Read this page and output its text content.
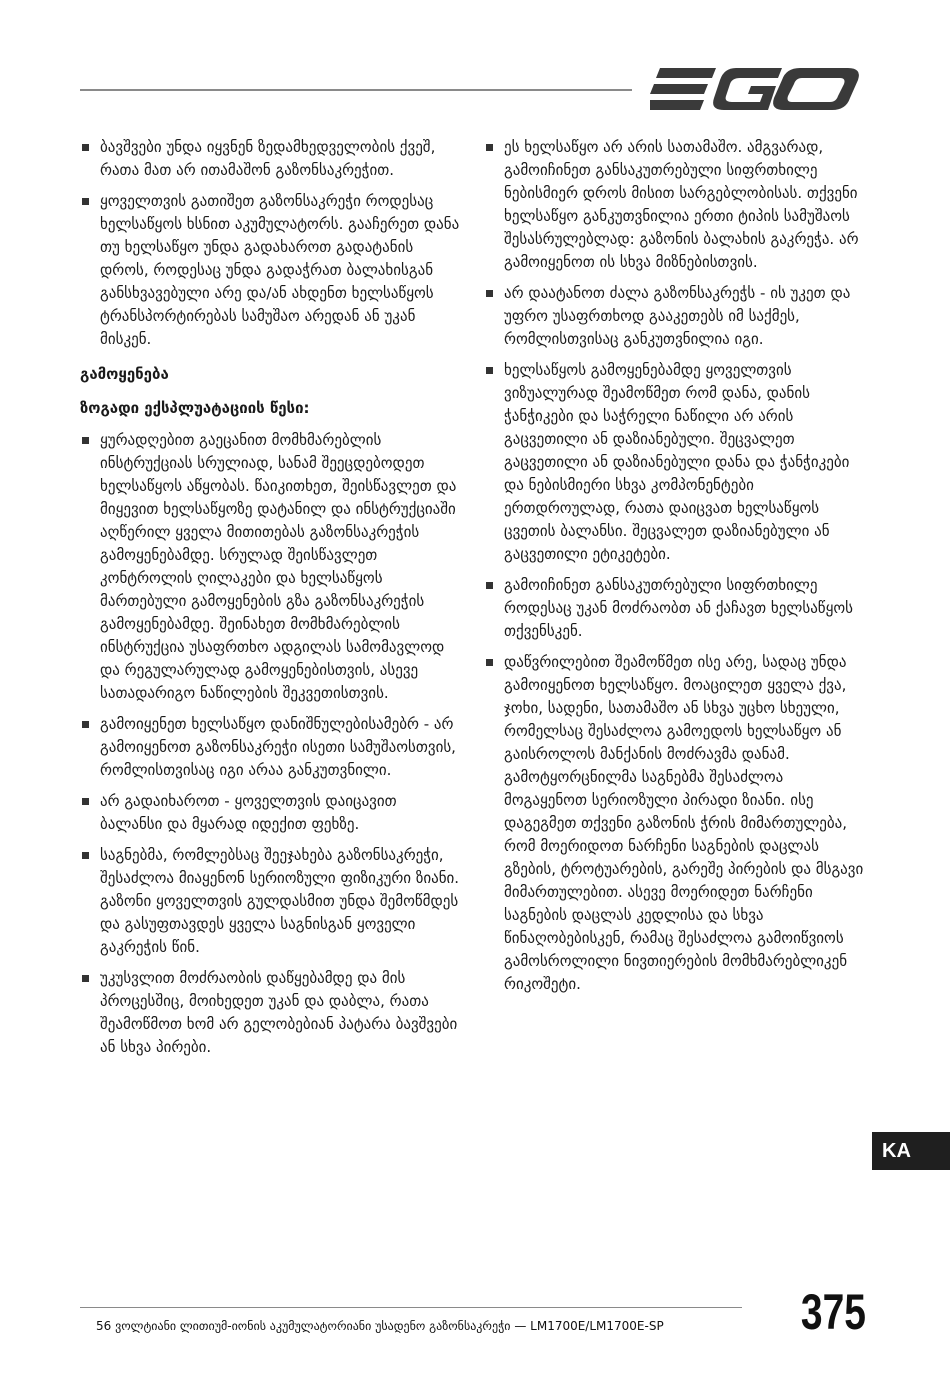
ბავშვები უნდა იყვნენ ზედამხედველობის ქვეშ, რათა მათ არ ითამაშონ გაზონსაკრეჭით.
ყოველთვის გათიშეთ გაზონსაკრეჭი როდესაც ხელსაწყოს ხსნით აკუმულატორს. გააჩერეთ დანა თუ ხელსაწყო უნდა გადახაროთ გადატანის დროს, როდესაც უნდა გადაჭრათ ბალახისგან განსხვავებული არე და/ან ახდენთ ხელსაწყოს ტრანსპორტირებას სამუშაო არედან ან უკან მისკენ.
გამოყენება
ზოგადი ექსპლუატაციის წესი:
ყურადღებით გაეცანით მომხმარებლის ინსტრუქციას სრულიად, სანამ შეეცდებოდეთ ხელსაწყოს აწყობას. წაიკითხეთ, შეისწავლეთ და მიყევით ხელსაწყოზე დატანილ და ინსტრუქციაში აღწერილ ყველა მითითებას გაზონსაკრეჭის გამოყენებამდე. სრულად შეისწავლეთ კონტროლის ღილაკები და ხელსაწყოს მართებული გამოყენების გზა გაზონსაკრეჭის გამოყენებამდე. შეინახეთ მომხმარებლის ინსტრუქცია უსაფრთხო ადგილას სამომავლოდ და რეგულარულად გამოყენებისთვის, ასევე სათადარიგო ნაწილების შეკვეთისთვის.
გამოიყენეთ ხელსაწყო დანიშნულებისამებრ - არ გამოიყენოთ გაზონსაკრეჭი ისეთი სამუშაოსთვის, რომლისთვისაც იგი არაა განკუთვნილი.
არ გადაიხაროთ - ყოველთვის დაიცავით ბალანსი და მყარად იდექით ფეხზე.
საგნებმა, რომლებსაც შეეჯახება გაზონსაკრეჭი, შესაძლოა მიაყენონ სერიოზული ფიზიკური ზიანი. გაზონი ყოველთვის გულდასმით უნდა შემოწმდეს და გასუფთავდეს ყველა საგნისგან ყოველი გაკრეჭის წინ.
უკუსვლით მოძრაობის დაწყებამდე და მის პროცესშიც, მოიხედეთ უკან და დაბლა, რათა შეამოწმოთ ხომ არ გელობებიან პატარა ბავშვები ან სხვა პირები.
ეს ხელსაწყო არ არის სათამაშო. ამგვარად, გამოიჩინეთ განსაკუთრებული სიფრთხილე ნებისმიერ დროს მისით სარგებლობისას. თქვენი ხელსაწყო განკუთვნილია ერთი ტიპის სამუშაოს შესასრულებლად: გაზონის ბალახის გაკრეჭა. არ გამოიყენოთ ის სხვა მიზნებისთვის.
არ დაატანოთ ძალა გაზონსაკრეჭს - ის უკეთ და უფრო უსაფრთხოდ გააკეთებს იმ საქმეს, რომლისთვისაც განკუთვნილია იგი.
ხელსაწყოს გამოყენებამდე ყოველთვის ვიზუალურად შეამოწმეთ რომ დანა, დანის ჭანჭიკები და საჭრელი ნაწილი არ არის გაცვეთილი ან დაზიანებული. შეცვალეთ გაცვეთილი ან დაზიანებული დანა და ჭანჭიკები და ნებისმიერი სხვა კომპონენტები ერთდროულად, რათა დაიცვათ ხელსაწყოს ცვეთის ბალანსი. შეცვალეთ დაზიანებული ან გაცვეთილი ეტიკეტები.
გამოიჩინეთ განსაკუთრებული სიფრთხილე როდესაც უკან მოძრაობთ ან ქაჩავთ ხელსაწყოს თქვენსკენ.
დაწვრილებით შეამოწმეთ ისე არე, სადაც უნდა გამოიყენოთ ხელსაწყო. მოაცილეთ ყველა ქვა, ჯოხი, სადენი, სათამაშო ან სხვა უცხო სხეული, რომელსაც შესაძლოა გამოედოს ხელსაწყო ან გაისროლოს მანქანის მოძრავმა დანამ. გამოტყორცნილმა საგნებმა შესაძლოა მოგაყენოთ სერიოზული პირადი ზიანი. ისე დაგეგმეთ თქვენი გაზონის ჭრის მიმართულება, რომ მოერიდოთ ნარჩენი საგნების დაცლას გზების, ტროტუარების, გარეშე პირების და მსგავი მიმართულებით. ასევე მოერიდეთ ნარჩენი საგნების დაცლას კედლისა და სხვა წინაღობებისკენ, რამაც შესაძლოა გამოიწვიოს გამოსროლილი ნივთიერების მომხმარებლიკენ რიკოშეტი.
KA
56 ვოლტიანი ლითიუმ-იონის აკუმულატორიანი უსადენო გაზონსაკრეჭი — LM1700E/LM1700E-SP	375
